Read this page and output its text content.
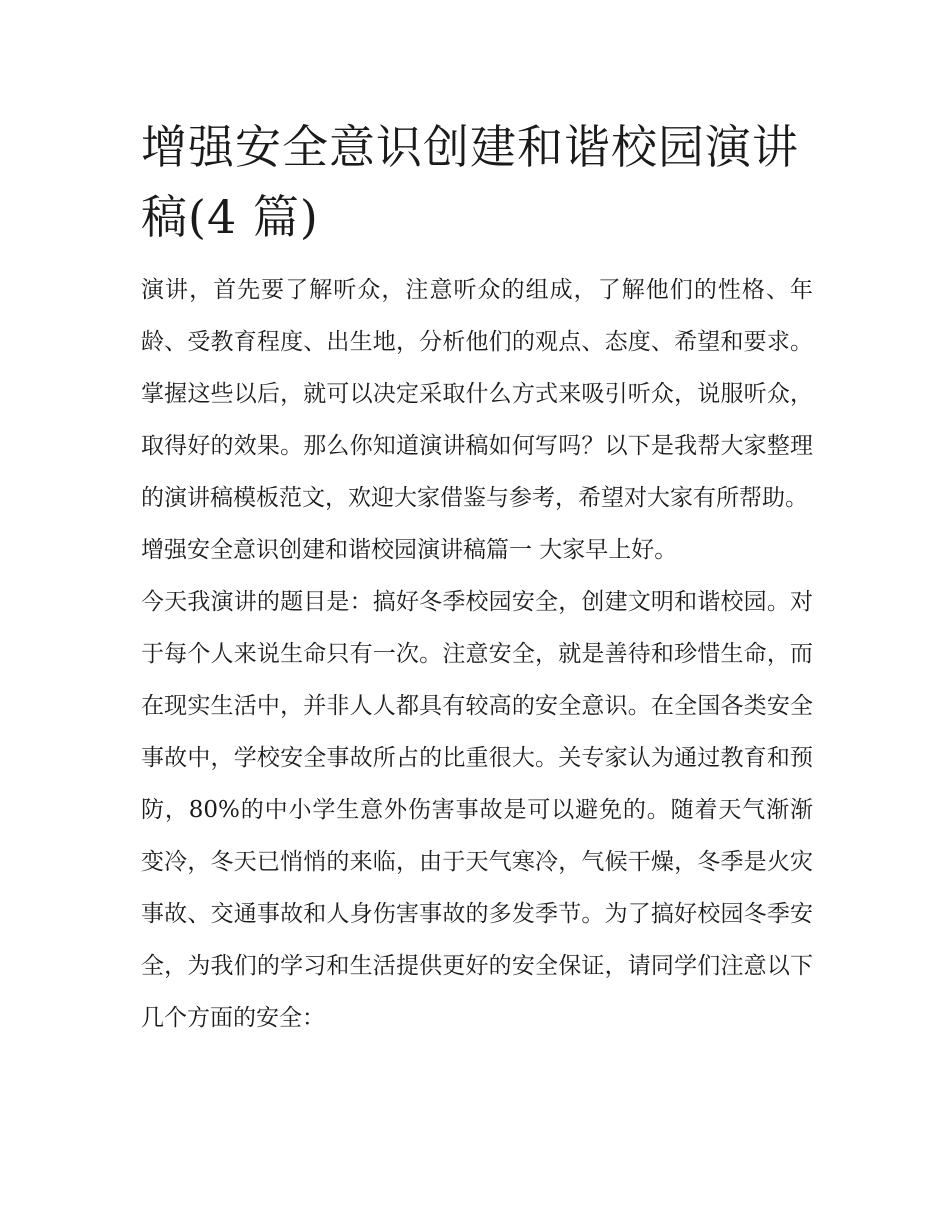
增强安全意识创建和谐校园演讲稿(4 篇)

演讲，首先要了解听众，注意听众的组成，了解他们的性格、年龄、受教育程度、出生地，分析他们的观点、态度、希望和要求。掌握这些以后，就可以决定采取什么方式来吸引听众，说服听众，取得好的效果。那么你知道演讲稿如何写吗？以下是我帮大家整理的演讲稿模板范文，欢迎大家借鉴与参考，希望对大家有所帮助。

增强安全意识创建和谐校园演讲稿篇一 大家早上好。

今天我演讲的题目是：搞好冬季校园安全，创建文明和谐校园。对于每个人来说生命只有一次。注意安全，就是善待和珍惜生命，而在现实生活中，并非人人都具有较高的安全意识。在全国各类安全事故中，学校安全事故所占的比重很大。关专家认为通过教育和预防，80%的中小学生意外伤害事故是可以避免的。随着天气渐渐变冷，冬天已悄悄的来临，由于天气寒冷，气候干燥，冬季是火灾事故、交通事故和人身伤害事故的多发季节。为了搞好校园冬季安全，为我们的学习和生活提供更好的安全保证，请同学们注意以下几个方面的安全：
